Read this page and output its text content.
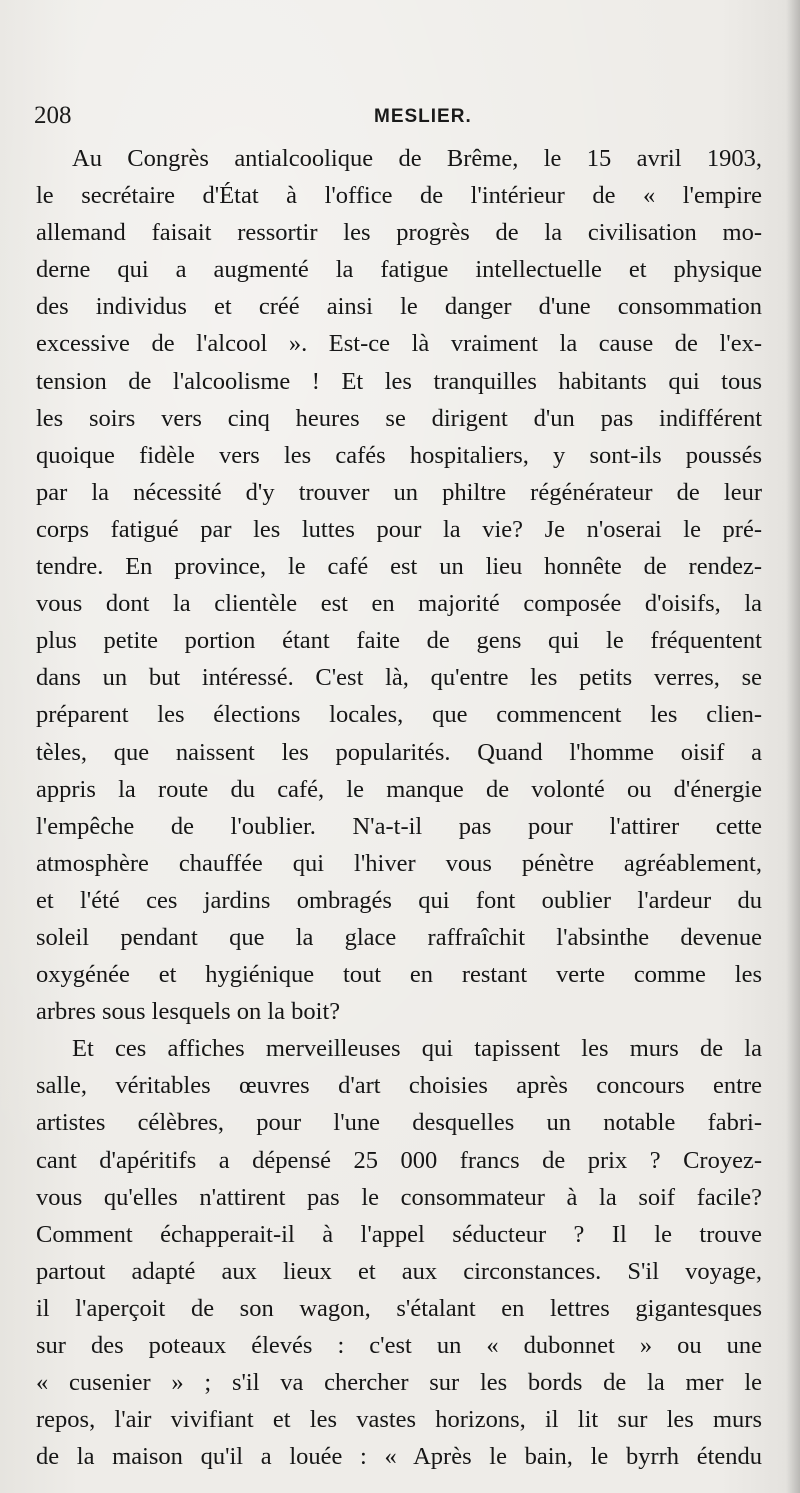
208	MESLIER.
Au Congrès antialcoolique de Brême, le 15 avril 1903,
le secrétaire d'État à l'office de l'intérieur de « l'empire
allemand faisait ressortir les progrès de la civilisation mo-
derne qui a augmenté la fatigue intellectuelle et physique
des individus et créé ainsi le danger d'une consommation
excessive de l'alcool ». Est-ce là vraiment la cause de l'ex-
tension de l'alcoolisme ! Et les tranquilles habitants qui tous
les soirs vers cinq heures se dirigent d'un pas indifférent
quoique fidèle vers les cafés hospitaliers, y sont-ils poussés
par la nécessité d'y trouver un philtre régénérateur de leur
corps fatigué par les luttes pour la vie? Je n'oserai le pré-
tendre. En province, le café est un lieu honnête de rendez-
vous dont la clientèle est en majorité composée d'oisifs, la
plus petite portion étant faite de gens qui le fréquentent
dans un but intéressé. C'est là, qu'entre les petits verres, se
préparent les élections locales, que commencent les clien-
tèles, que naissent les popularités. Quand l'homme oisif a
appris la route du café, le manque de volonté ou d'énergie
l'empêche de l'oublier. N'a-t-il pas pour l'attirer cette
atmosphère chauffée qui l'hiver vous pénètre agréablement,
et l'été ces jardins ombragés qui font oublier l'ardeur du
soleil pendant que la glace raffraîchit l'absinthe devenue
oxygénée et hygiénique tout en restant verte comme les
arbres sous lesquels on la boit?
Et ces affiches merveilleuses qui tapissent les murs de la
salle, véritables œuvres d'art choisies après concours entre
artistes célèbres, pour l'une desquelles un notable fabri-
cant d'apéritifs a dépensé 25 000 francs de prix ? Croyez-
vous qu'elles n'attirent pas le consommateur à la soif facile?
Comment échapperait-il à l'appel séducteur ? Il le trouve
partout adapté aux lieux et aux circonstances. S'il voyage,
il l'aperçoit de son wagon, s'étalant en lettres gigantesques
sur des poteaux élevés : c'est un « dubonnet » ou une
« cusenier » ; s'il va chercher sur les bords de la mer le
repos, l'air vivifiant et les vastes horizons, il lit sur les murs
de la maison qu'il a louée : « Après le bain, le byrrh étendu
